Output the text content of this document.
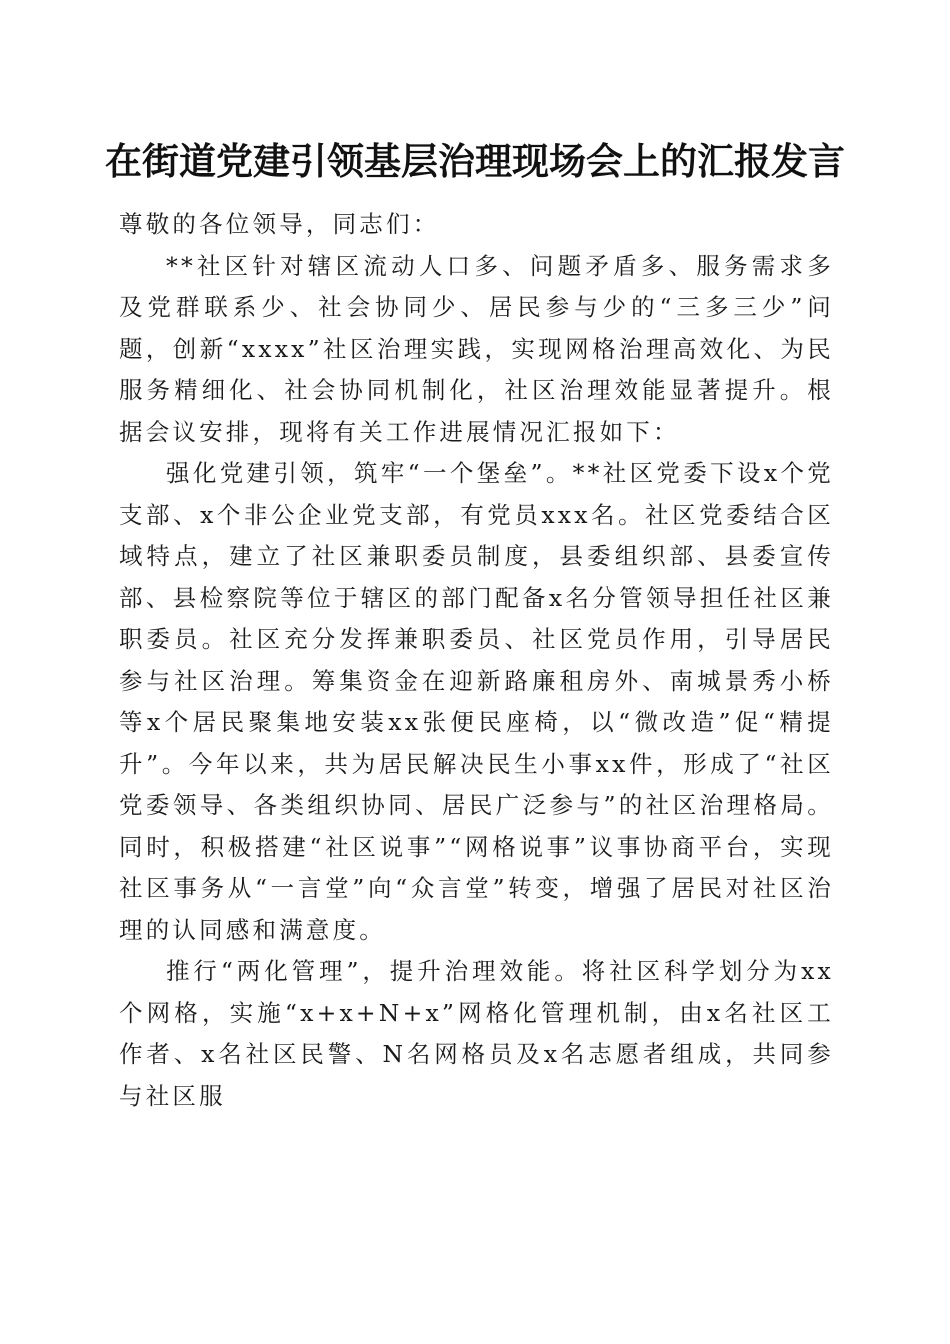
在街道党建引领基层治理现场会上的汇报发言

尊敬的各位领导，同志们：

**社区针对辖区流动人口多、问题矛盾多、服务需求多及党群联系少、社会协同少、居民参与少的“三多三少”问题，创新“xxxx”社区治理实践，实现网格治理高效化、为民服务精细化、社会协同机制化，社区治理效能显著提升。根据会议安排，现将有关工作进展情况汇报如下：

强化党建引领，筑牢“一个堡垒”。**社区党委下设x个党支部、x个非公企业党支部，有党员xxx名。社区党委结合区域特点，建立了社区兼职委员制度，县委组织部、县委宣传部、县检察院等位于辖区的部门配备x名分管领导担任社区兼职委员。社区充分发挥兼职委员、社区党员作用，引导居民参与社区治理。筹集资金在迎新路廉租房外、南城景秀小桥等x个居民聚集地安装xx张便民座椅，以“微改造”促“精提升”。今年以来，共为居民解决民生小事xx件，形成了“社区党委领导、各类组织协同、居民广泛参与”的社区治理格局。同时，积极搭建“社区说事”“网格说事”议事协商平台，实现社区事务从“一言堂”向“众言堂”转变，增强了居民对社区治理的认同感和满意度。

推行“两化管理”，提升治理效能。将社区科学划分为xx个网格，实施“x+x+N+x”网格化管理机制，由x名社区工作者、x名社区民警、N名网格员及x名志愿者组成，共同参与社区服
